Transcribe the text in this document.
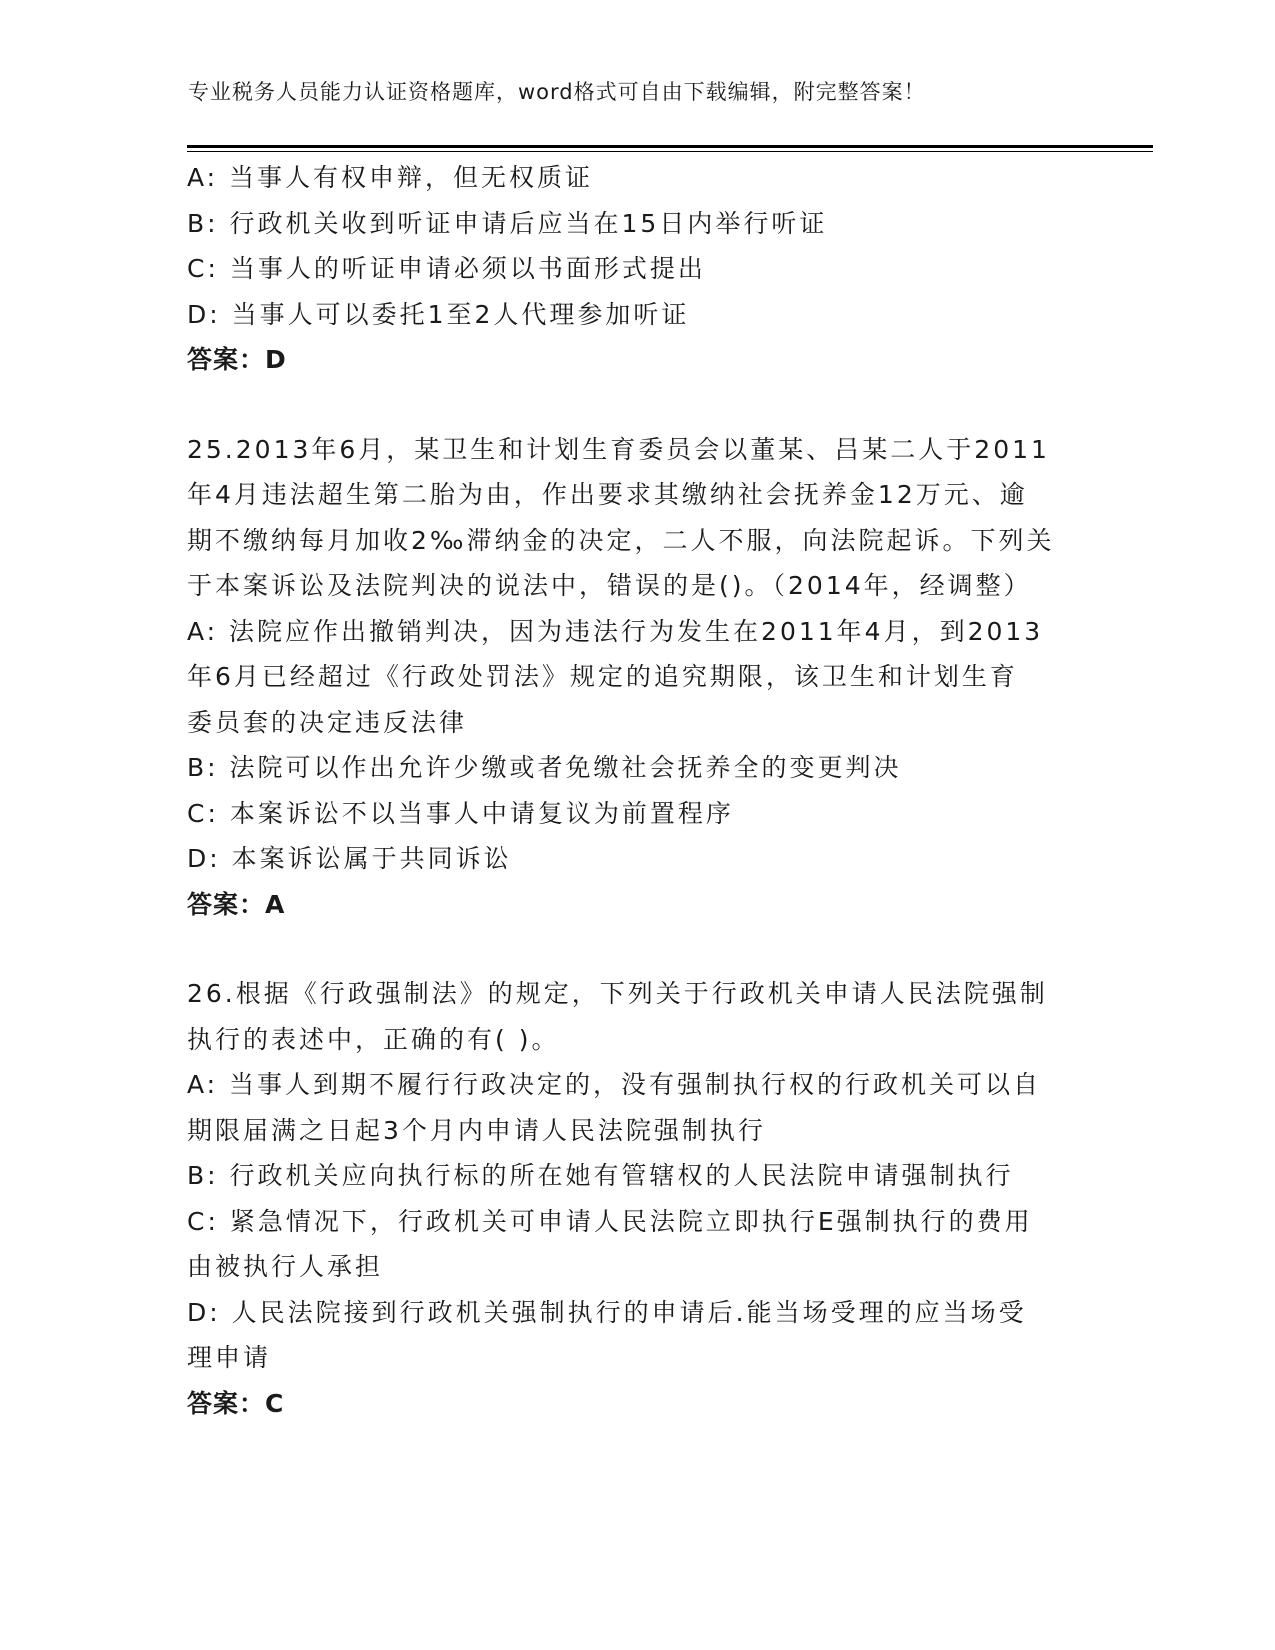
专业税务人员能力认证资格题库，word格式可自由下载编辑，附完整答案！
A: 当事人有权申辩，但无权质证
B: 行政机关收到听证申请后应当在15日内举行听证
C: 当事人的听证申请必须以书面形式提出
D: 当事人可以委托1至2人代理参加听证
答案：D
25.2013年6月，某卫生和计划生育委员会以董某、吕某二人于2011
年4月违法超生第二胎为由，作出要求其缴纳社会抚养金12万元、逾
期不缴纳每月加收2‰滞纳金的决定，二人不服，向法院起诉。下列关
于本案诉讼及法院判决的说法中，错误的是()。（2014年，经调整）
A: 法院应作出撤销判决，因为违法行为发生在2011年4月，到2013
年6月已经超过《行政处罚法》规定的追究期限，该卫生和计划生育
委员套的决定违反法律
B: 法院可以作出允许少缴或者免缴社会抚养全的变更判决
C: 本案诉讼不以当事人中请复议为前置程序
D: 本案诉讼属于共同诉讼
答案：A
26.根据《行政强制法》的规定，下列关于行政机关申请人民法院强制
执行的表述中，正确的有( )。
A: 当事人到期不履行行政决定的，没有强制执行权的行政机关可以自
期限届满之日起3个月内申请人民法院强制执行
B: 行政机关应向执行标的所在她有管辖权的人民法院申请强制执行
C: 紧急情况下，行政机关可申请人民法院立即执行E强制执行的费用
由被执行人承担
D: 人民法院接到行政机关强制执行的申请后.能当场受理的应当场受
理申请
答案：C
